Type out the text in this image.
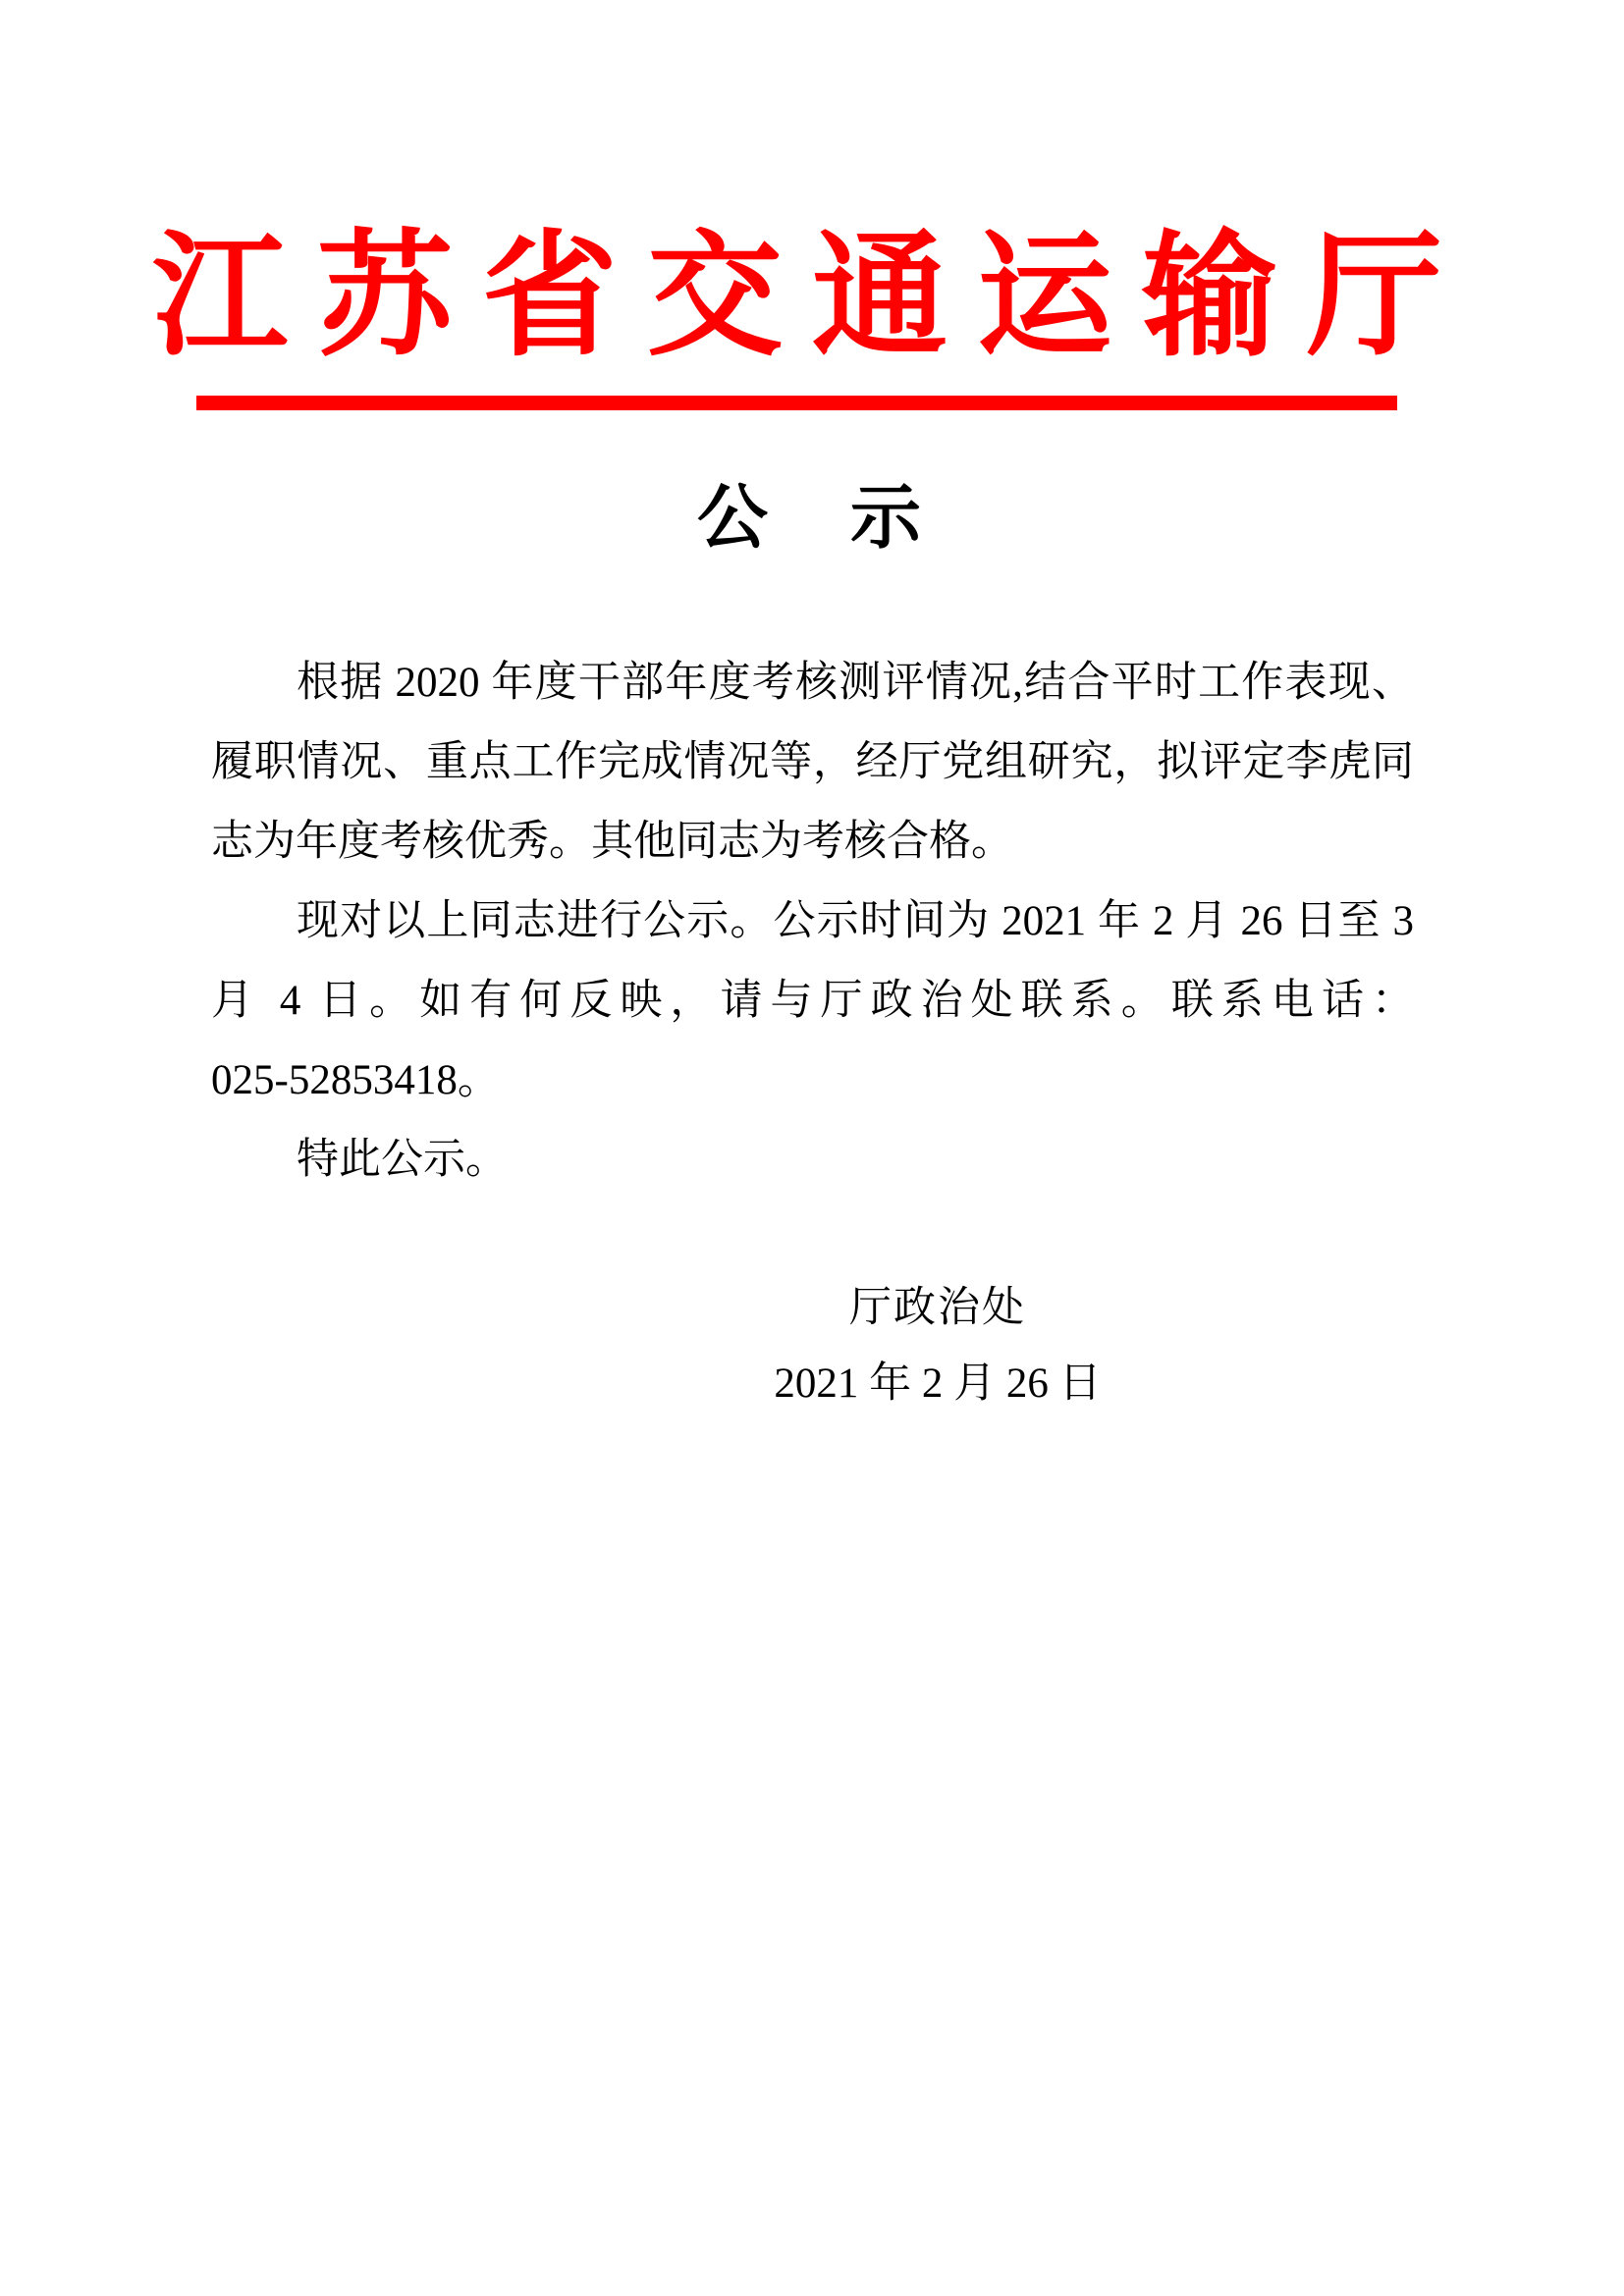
江苏省交通运输厅
公　示
根据 2020 年度干部年度考核测评情况,结合平时工作表现、
履职情况、重点工作完成情况等，经厅党组研究，拟评定李虎同
志为年度考核优秀。其他同志为考核合格。
现对以上同志进行公示。公示时间为 2021 年 2 月 26 日至 3
月 4 日。如有何反映，请与厅政治处联系。联系电话：
025-52853418。
特此公示。
厅政治处
2021 年 2 月 26 日
